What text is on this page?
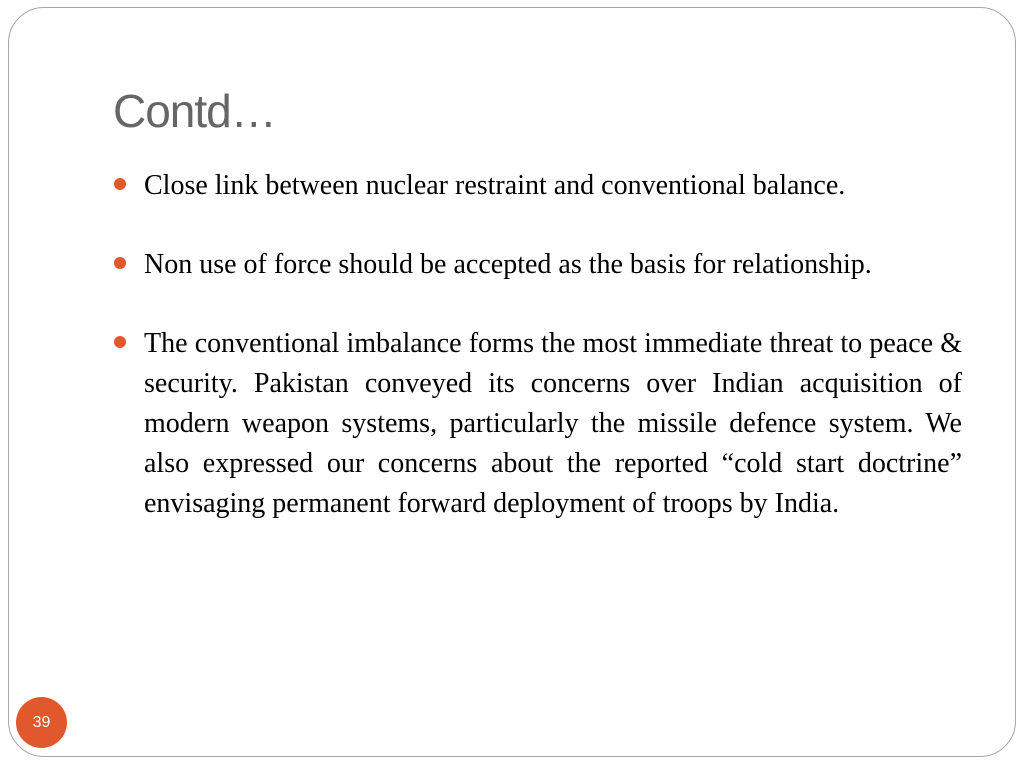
Contd…
Close link between nuclear restraint and conventional balance.
Non use of force should be accepted as the basis for relationship.
The conventional imbalance forms the most immediate threat to peace & security. Pakistan conveyed its concerns over Indian acquisition of modern weapon systems, particularly the missile defence system. We also expressed our concerns about the reported “cold start doctrine” envisaging permanent forward deployment of troops by India.
39
